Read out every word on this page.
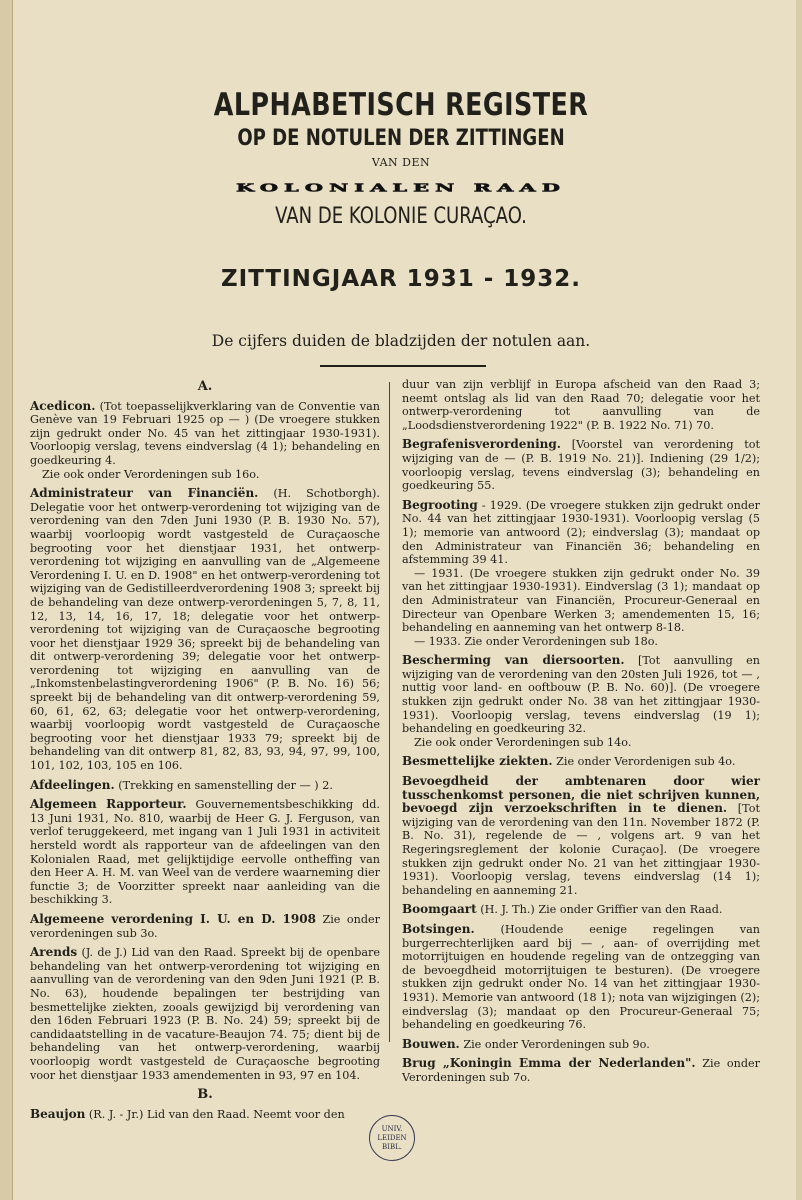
ALPHABETISCH REGISTER

OP DE NOTULEN DER ZITTINGEN

VAN DEN

KOLONIALEN RAAD

VAN DE KOLONIE CURAÇAO.

ZITTINGJAAR 1931 - 1932.

De cijfers duiden de bladzijden der notulen aan.

A.

Acedicon. (Tot toepasselijkverklaring van de Conventie van Genève van 19 Februari 1925 op — ) (De vroegere stukken zijn gedrukt onder No. 45 van het zittingjaar 1930-1931). Voorloopig verslag, tevens eindverslag (4 1); behandeling en goedkeuring 4.

Zie ook onder Verordeningen sub 16o.

Administrateur van Financiën. (H. Schotborgh). Delegatie voor het ontwerp-verordening tot wijziging van de verordening van den 7den Juni 1930 (P. B. 1930 No. 57), waarbij voorloopig wordt vastgesteld de Curaçaosche begrooting voor het dienstjaar 1931, het ontwerp-verordening tot wijziging en aanvulling van de „Algemeene Verordening I. U. en D. 1908" en het ontwerp-verordening tot wijziging van de Gedistilleerdverordening 1908 3; spreekt bij de behandeling van deze ontwerp-verordeningen 5, 7, 8, 11, 12, 13, 14, 16, 17, 18; delegatie voor het ontwerp-verordening tot wijziging van de Curaçaosche begrooting voor het dienstjaar 1929 36; spreekt bij de behandeling van dit ontwerp-verordening 39; delegatie voor het ontwerp-verordening tot wijziging en aanvulling van de „Inkomstenbelastingverordening 1906" (P. B. No. 16) 56; spreekt bij de behandeling van dit ontwerp-verordening 59, 60, 61, 62, 63; delegatie voor het ontwerp-verordening, waarbij voorloopig wordt vastgesteld de Curaçaosche begrooting voor het dienstjaar 1933 79; spreekt bij de behandeling van dit ontwerp 81, 82, 83, 93, 94, 97, 99, 100, 101, 102, 103, 105 en 106.

Afdeelingen. (Trekking en samenstelling der — ) 2.

Algemeen Rapporteur. Gouvernementsbeschikking dd. 13 Juni 1931, No. 810, waarbij de Heer G. J. Ferguson, van verlof teruggekeerd, met ingang van 1 Juli 1931 in activiteit hersteld wordt als rapporteur van de afdeelingen van den Kolonialen Raad, met gelijktijdige eervolle ontheffing van den Heer A. H. M. van Weel van de verdere waarneming dier functie 3; de Voorzitter spreekt naar aanleiding van die beschikking 3.

Algemeene verordening I. U. en D. 1908 Zie onder verordeningen sub 3o.

Arends (J. de J.) Lid van den Raad. Spreekt bij de openbare behandeling van het ontwerp-verordening tot wijziging en aanvulling van de verordening van den 9den Juni 1921 (P. B. No. 63), houdende bepalingen ter bestrijding van besmettelijke ziekten, zooals gewijzigd bij verordening van den 16den Februari 1923 (P. B. No. 24) 59; spreekt bij de candidaatstelling in de vacature-Beaujon 74. 75; dient bij de behandeling van het ontwerp-verordening, waarbij voorloopig wordt vastgesteld de Curaçaosche begrooting voor het dienstjaar 1933 amendementen in 93, 97 en 104.

B.

Beaujon (R. J. - Jr.) Lid van den Raad. Neemt voor den

duur van zijn verblijf in Europa afscheid van den Raad 3; neemt ontslag als lid van den Raad 70; delegatie voor het ontwerp-verordening tot aanvulling van de „Loodsdienstverordening 1922" (P. B. 1922 No. 71) 70.

Begrafenisverordening. [Voorstel van verordening tot wijziging van de — (P. B. 1919 No. 21)]. Indiening (29 1/2); voorloopig verslag, tevens eindverslag (3); behandeling en goedkeuring 55.

Begrooting - 1929. (De vroegere stukken zijn gedrukt onder No. 44 van het zittingjaar 1930-1931). Voorloopig verslag (5 1); memorie van antwoord (2); eindverslag (3); mandaat op den Administrateur van Financiën 36; behandeling en afstemming 39 41.

— 1931. (De vroegere stukken zijn gedrukt onder No. 39 van het zittingjaar 1930-1931). Eindverslag (3 1); mandaat op den Administrateur van Financiën, Procureur-Generaal en Directeur van Openbare Werken 3; amendementen 15, 16; behandeling en aanneming van het ontwerp 8-18.

— 1933. Zie onder Verordeningen sub 18o.

Bescherming van diersoorten. [Tot aanvulling en wijziging van de verordening van den 20sten Juli 1926, tot — , nuttig voor land- en ooftbouw (P. B. No. 60)]. (De vroegere stukken zijn gedrukt onder No. 38 van het zittingjaar 1930-1931). Voorloopig verslag, tevens eindverslag (19 1); behandeling en goedkeuring 32.

Zie ook onder Verordeningen sub 14o.

Besmettelijke ziekten. Zie onder Verordenigen sub 4o.

Bevoegdheid der ambtenaren door wier tusschenkomst personen, die niet schrijven kunnen, bevoegd zijn verzoekschriften in te dienen. [Tot wijziging van de verordening van den 11n. November 1872 (P. B. No. 31), regelende de — , volgens art. 9 van het Regeringsreglement der kolonie Curaçao]. (De vroegere stukken zijn gedrukt onder No. 21 van het zittingjaar 1930-1931). Voorloopig verslag, tevens eindverslag (14 1); behandeling en aanneming 21.

Boomgaart (H. J. Th.) Zie onder Griffier van den Raad.

Botsingen. (Houdende eenige regelingen van burgerrechterlijken aard bij — , aan- of overrijding met motorrijtuigen en houdende regeling van de ontzegging van de bevoegdheid motorrijtuigen te besturen). (De vroegere stukken zijn gedrukt onder No. 14 van het zittingjaar 1930-1931). Memorie van antwoord (18 1); nota van wijzigingen (2); eindverslag (3); mandaat op den Procureur-Generaal 75; behandeling en goedkeuring 76.

Bouwen. Zie onder Verordeningen sub 9o.

Brug „Koningin Emma der Nederlanden". Zie onder Verordeningen sub 7o.

UNIV.
LEIDEN
BIBL.
